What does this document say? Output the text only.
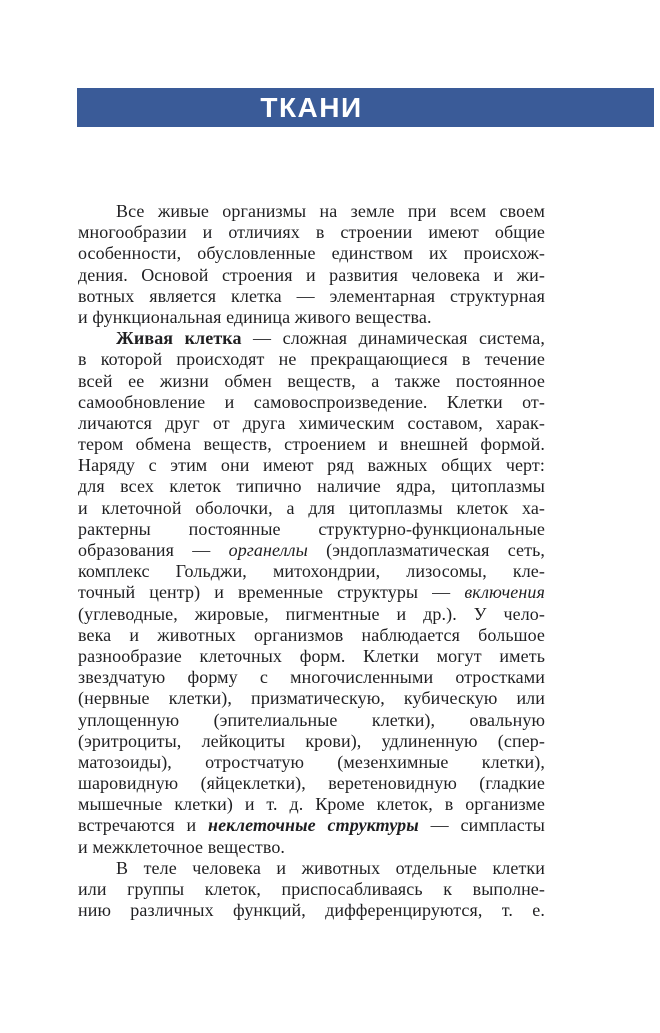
ТКАНИ
Все живые организмы на земле при всем своем
многообразии и отличиях в строении имеют общие
особенности, обусловленные единством их происхож-
дения. Основой строения и развития человека и жи-
вотных является клетка — элементарная структурная
и функциональная единица живого вещества.
Живая клетка — сложная динамическая система,
в которой происходят не прекращающиеся в течение
всей ее жизни обмен веществ, а также постоянное
самообновление и самовоспроизведение. Клетки от-
личаются друг от друга химическим составом, харак-
тером обмена веществ, строением и внешней формой.
Наряду с этим они имеют ряд важных общих черт:
для всех клеток типично наличие ядра, цитоплазмы
и клеточной оболочки, а для цитоплазмы клеток ха-
рактерны постоянные структурно-функциональные
образования — органеллы (эндоплазматическая сеть,
комплекс Гольджи, митохондрии, лизосомы, кле-
точный центр) и временные структуры — включения
(углеводные, жировые, пигментные и др.). У чело-
века и животных организмов наблюдается большое
разнообразие клеточных форм. Клетки могут иметь
звездчатую форму с многочисленными отростками
(нервные клетки), призматическую, кубическую или
уплощенную (эпителиальные клетки), овальную
(эритроциты, лейкоциты крови), удлиненную (спер-
матозоиды), отростчатую (мезенхимные клетки),
шаровидную (яйцеклетки), веретеновидную (гладкие
мышечные клетки) и т. д. Кроме клеток, в организме
встречаются и неклеточные структуры — симпласты
и межклеточное вещество.
В теле человека и животных отдельные клетки
или группы клеток, приспосабливаясь к выполне-
нию различных функций, дифференцируются, т. е.
